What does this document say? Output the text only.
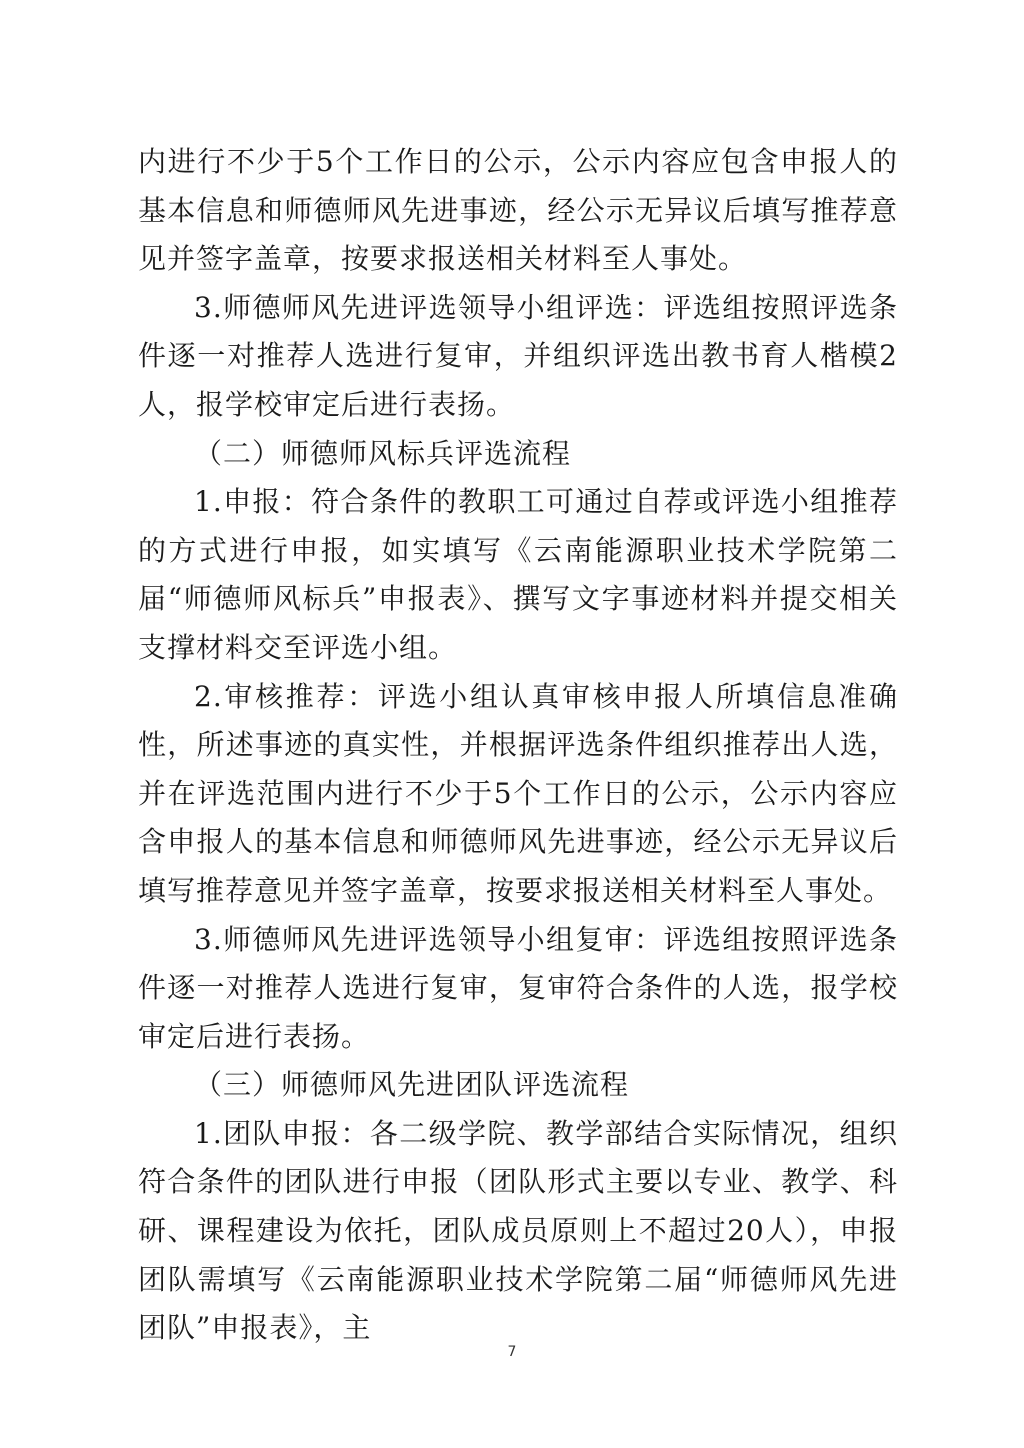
内进行不少于5个工作日的公示，公示内容应包含申报人的基本信息和师德师风先进事迹，经公示无异议后填写推荐意见并签字盖章，按要求报送相关材料至人事处。

3.师德师风先进评选领导小组评选：评选组按照评选条件逐一对推荐人选进行复审，并组织评选出教书育人楷模2人，报学校审定后进行表扬。

（二）师德师风标兵评选流程

1.申报：符合条件的教职工可通过自荐或评选小组推荐的方式进行申报，如实填写《云南能源职业技术学院第二届“师德师风标兵”申报表》、撰写文字事迹材料并提交相关支撑材料交至评选小组。

2.审核推荐：评选小组认真审核申报人所填信息准确性，所述事迹的真实性，并根据评选条件组织推荐出人选，并在评选范围内进行不少于5个工作日的公示，公示内容应含申报人的基本信息和师德师风先进事迹，经公示无异议后填写推荐意见并签字盖章，按要求报送相关材料至人事处。

3.师德师风先进评选领导小组复审：评选组按照评选条件逐一对推荐人选进行复审，复审符合条件的人选，报学校审定后进行表扬。

（三）师德师风先进团队评选流程

1.团队申报：各二级学院、教学部结合实际情况，组织符合条件的团队进行申报（团队形式主要以专业、教学、科研、课程建设为依托，团队成员原则上不超过20人），申报团队需填写《云南能源职业技术学院第二届“师德师风先进团队”申报表》，主

7
